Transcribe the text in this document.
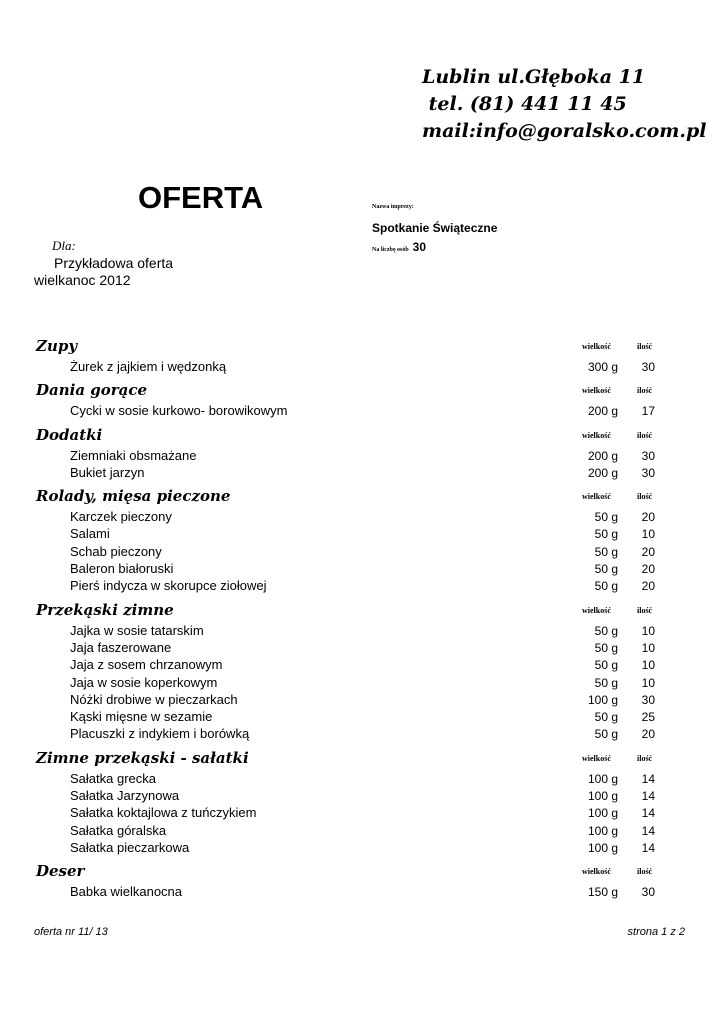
Lublin ul.Głęboka 11
tel. (81) 441 11 45
mail:info@goralsko.com.pl
OFERTA	Nazwa imprezy:
Spotkanie Świąteczne
Na liczbę osób 30
Dla:
Przykładowa oferta
wielkanoc 2012
Zupy	wielkość	ilość
Żurek z jajkiem i wędzonką	300 g 30
Dania gorące	wielkość	ilość
Cycki w sosie kurkowo- borowikowym	200 g 17
Dodatki	wielkość	ilość
Ziemniaki obsmażane	200 g 30
Bukiet jarzyn	200 g 30
Rolady, mięsa pieczone	wielkość	ilość
Karczek pieczony	50 g 20
Salami	50 g 10
Schab pieczony	50 g 20
Baleron białoruski	50 g 20
Pierś indycza w skorupce ziołowej	50 g 20
Przekąski zimne	wielkość	ilość
Jajka w sosie tatarskim	50 g 10
Jaja faszerowane	50 g 10
Jaja z sosem chrzanowym	50 g 10
Jaja w sosie koperkowym	50 g 10
Nóżki drobiwe w pieczarkach	100 g 30
Kąski mięsne w sezamie	50 g 25
Placuszki z indykiem i borówką	50 g 20
Zimne przekąski - sałatki	wielkość	ilość
Sałatka grecka	100 g 14
Sałatka Jarzynowa	100 g 14
Sałatka koktajlowa z tuńczykiem	100 g 14
Sałatka góralska	100 g 14
Sałatka pieczarkowa	100 g 14
Deser	wielkość	ilość
Babka wielkanocna	150 g 30
oferta nr 11/ 13	strona 1 z 2
